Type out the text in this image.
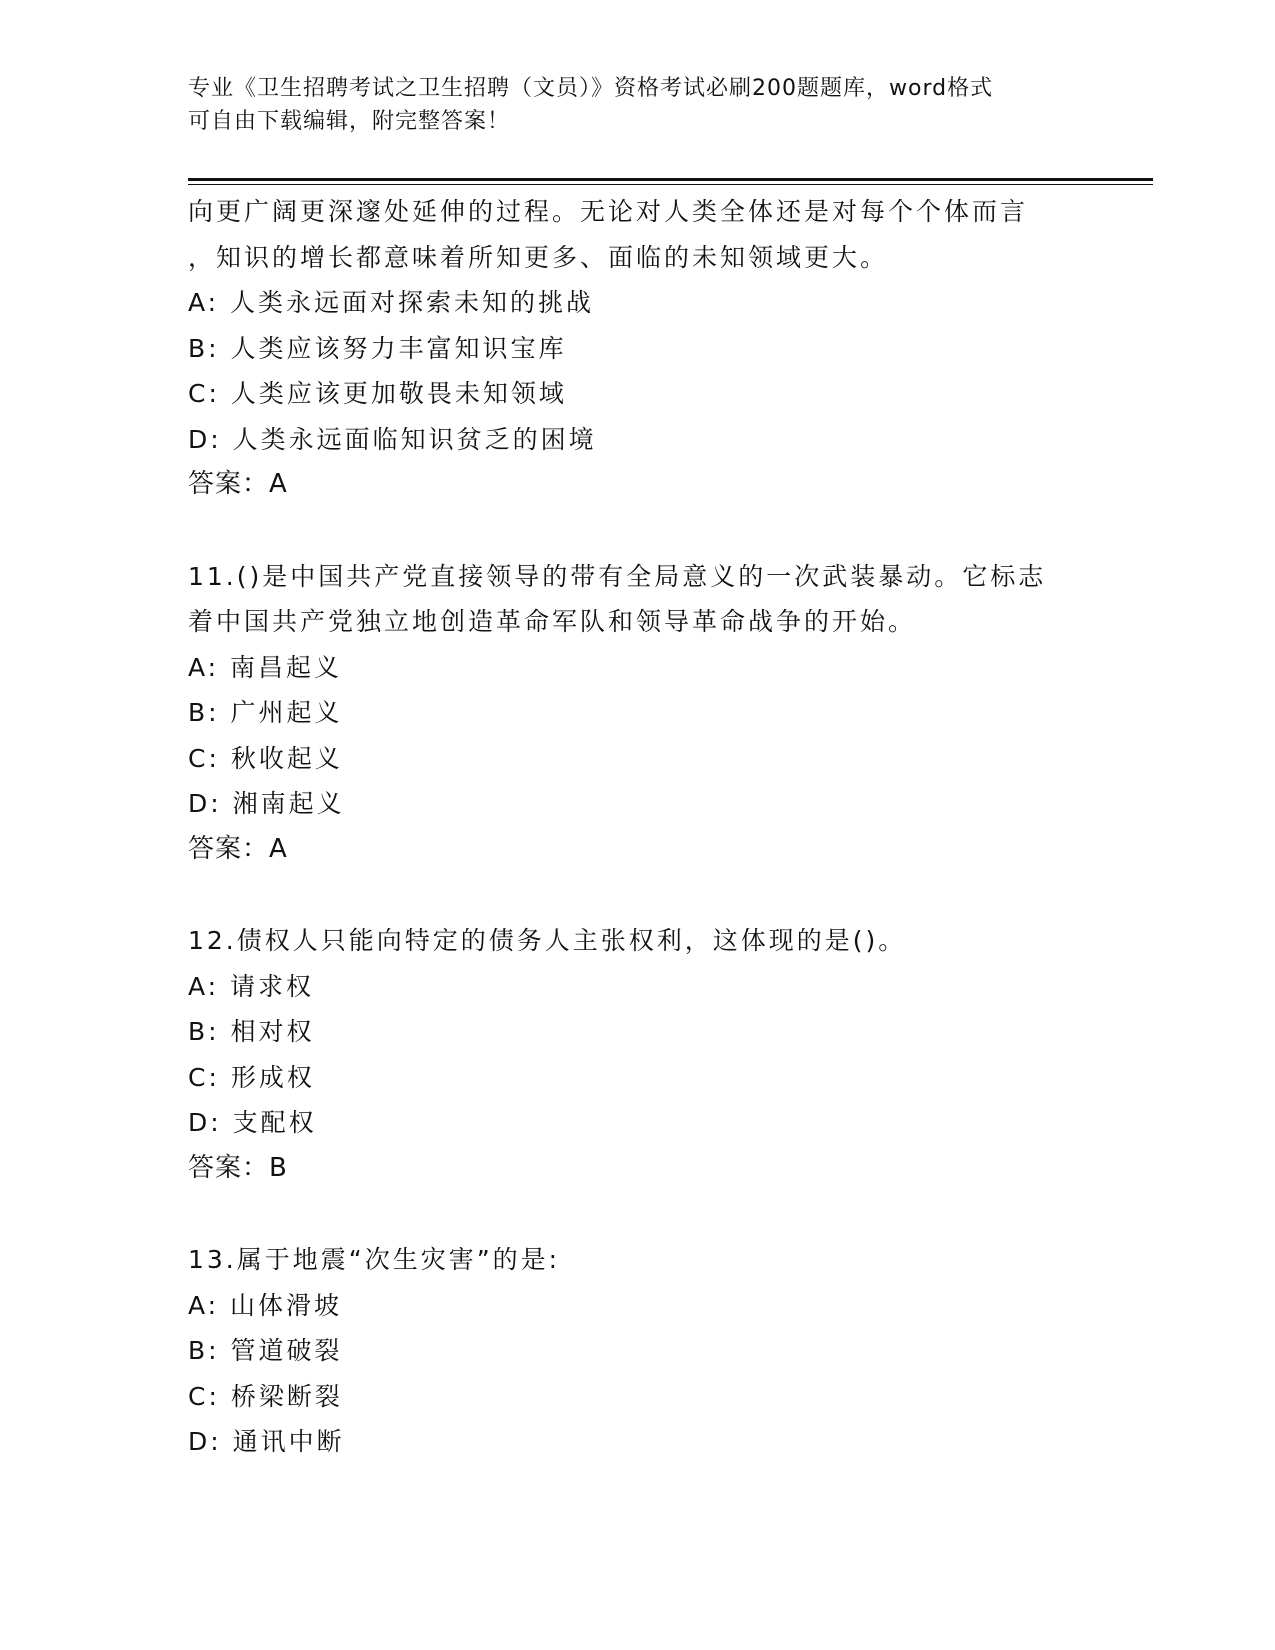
专业《卫生招聘考试之卫生招聘（文员）》资格考试必刷200题题库，word格式
可自由下载编辑，附完整答案！
向更广阔更深邃处延伸的过程。无论对人类全体还是对每个个体而言
，知识的增长都意味着所知更多、面临的未知领域更大。
A: 人类永远面对探索未知的挑战
B: 人类应该努力丰富知识宝库
C: 人类应该更加敬畏未知领域
D: 人类永远面临知识贫乏的困境
答案：A
11.()是中国共产党直接领导的带有全局意义的一次武装暴动。它标志
着中国共产党独立地创造革命军队和领导革命战争的开始。
A: 南昌起义
B: 广州起义
C: 秋收起义
D: 湘南起义
答案：A
12.债权人只能向特定的债务人主张权利，这体现的是()。
A: 请求权
B: 相对权
C: 形成权
D: 支配权
答案：B
13.属于地震“次生灾害”的是:
A: 山体滑坡
B: 管道破裂
C: 桥梁断裂
D: 通讯中断
